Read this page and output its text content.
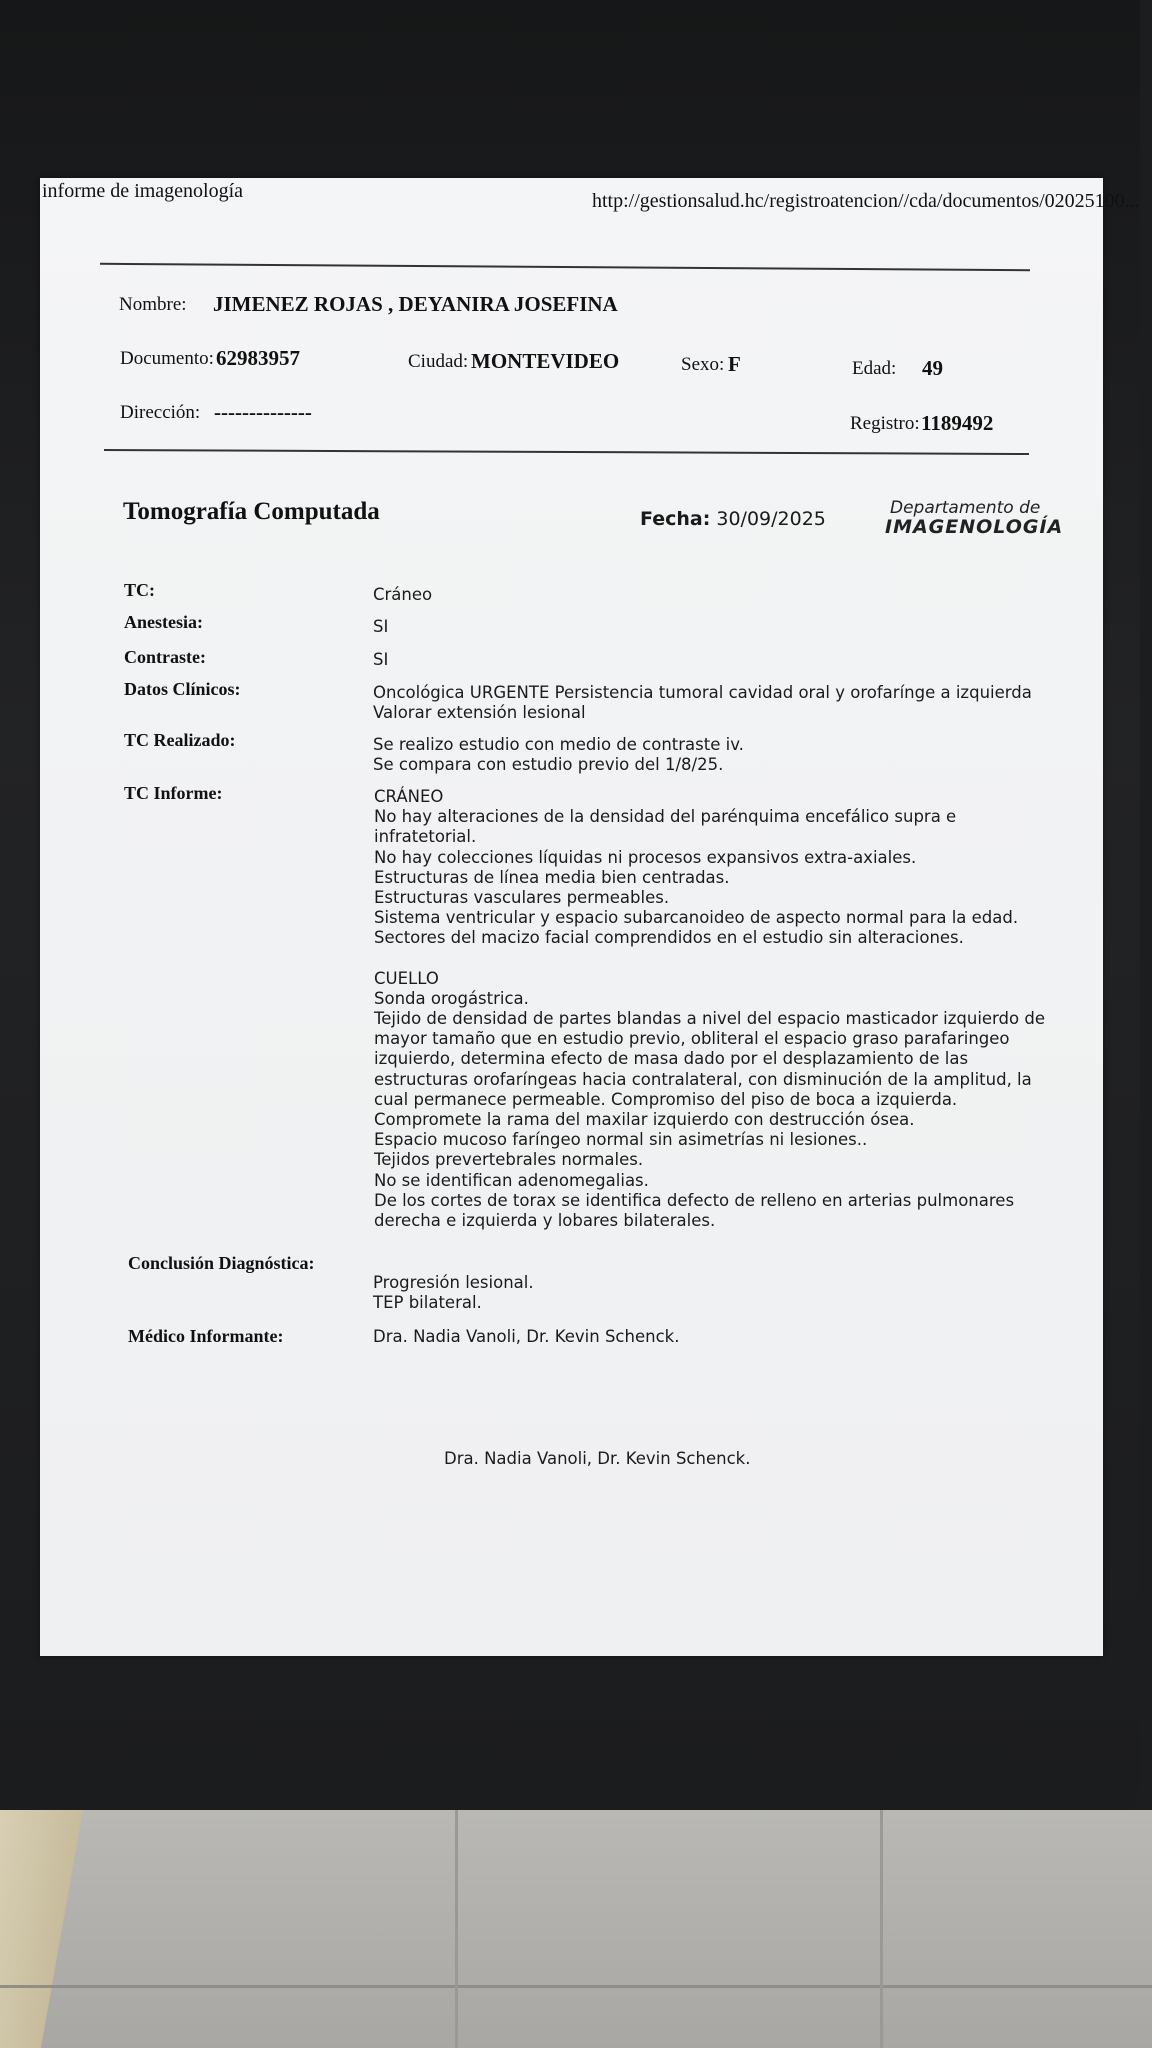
informe de imagenología	http://gestionsalud.hc/registroatencion//cda/documentos/02025100...
Nombre: JIMENEZ ROJAS , DEYANIRA JOSEFINA
Documento: 62983957	Ciudad: MONTEVIDEO	Sexo: F	Edad: 49
Dirección: --------------	Registro: 1189492
Tomografía Computada	Fecha: 30/09/2025	Departamento de
IMAGENOLOGÍA
TC:	Cráneo
Anestesia:	SI
Contraste:	SI
Datos Clínicos:	Oncológica URGENTE Persistencia tumoral cavidad oral y orofarínge a izquierda
Valorar extensión lesional
TC Realizado:	Se realizo estudio con medio de contraste iv.
Se compara con estudio previo del 1/8/25.
TC Informe:	CRÁNEO
No hay alteraciones de la densidad del parénquima encefálico supra e
infratetorial.
No hay colecciones líquidas ni procesos expansivos extra-axiales.
Estructuras de línea media bien centradas.
Estructuras vasculares permeables.
Sistema ventricular y espacio subarcanoideo de aspecto normal para la edad.
Sectores del macizo facial comprendidos en el estudio sin alteraciones.
CUELLO
Sonda orogástrica.
Tejido de densidad de partes blandas a nivel del espacio masticador izquierdo de
mayor tamaño que en estudio previo, obliteral el espacio graso parafaringeo
izquierdo, determina efecto de masa dado por el desplazamiento de las
estructuras orofaríngeas hacia contralateral, con disminución de la amplitud, la
cual permanece permeable. Compromiso del piso de boca a izquierda.
Compromete la rama del maxilar izquierdo con destrucción ósea.
Espacio mucoso faríngeo normal sin asimetrías ni lesiones..
Tejidos prevertebrales normales.
No se identifican adenomegalias.
De los cortes de torax se identifica defecto de relleno en arterias pulmonares
derecha e izquierda y lobares bilaterales.
Conclusión Diagnóstica:
Progresión lesional.
TEP bilateral.
Médico Informante:	Dra. Nadia Vanoli, Dr. Kevin Schenck.
Dra. Nadia Vanoli, Dr. Kevin Schenck.
